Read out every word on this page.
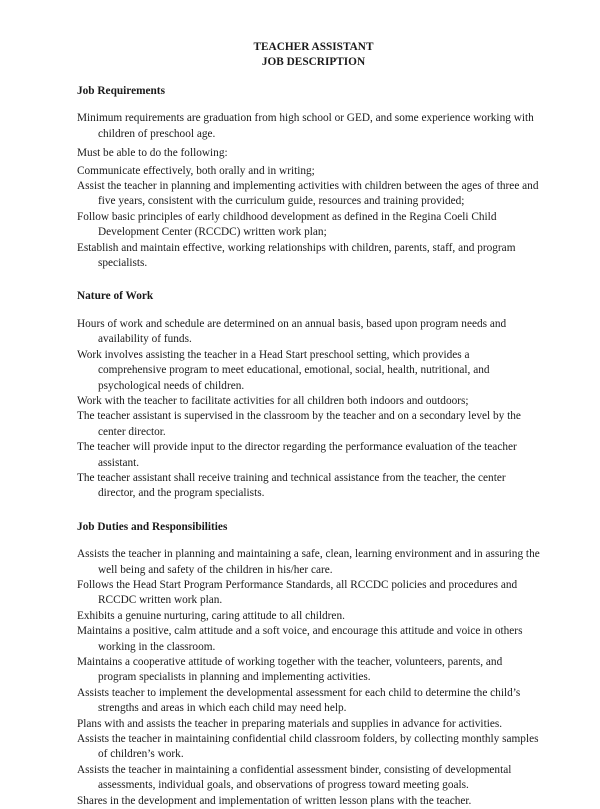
TEACHER ASSISTANT

JOB DESCRIPTION

Job Requirements

Minimum requirements are graduation from high school or GED, and some experience working with children of preschool age.

Must be able to do the following:

Communicate effectively, both orally and in writing;

Assist the teacher in planning and implementing activities with children between the ages of three and five years, consistent with the curriculum guide, resources and training provided;

Follow basic principles of early childhood development as defined in the Regina Coeli Child Development Center (RCCDC) written work plan;

Establish and maintain effective, working relationships with children, parents, staff, and program specialists.

Nature of Work

Hours of work and schedule are determined on an annual basis, based upon program needs and availability of funds.

Work involves assisting the teacher in a Head Start preschool setting, which provides a comprehensive program to meet educational, emotional, social, health, nutritional, and psychological needs of children.

Work with the teacher to facilitate activities for all children both indoors and outdoors;

The teacher assistant is supervised in the classroom by the teacher and on a secondary level by the center director.

The teacher will provide input to the director regarding the performance evaluation of the teacher assistant.

The teacher assistant shall receive training and technical assistance from the teacher, the center director, and the program specialists.

Job Duties and Responsibilities

Assists the teacher in planning and maintaining a safe, clean, learning environment and in assuring the well being and safety of the children in his/her care.

Follows the Head Start Program Performance Standards, all RCCDC policies and procedures and RCCDC written work plan.

Exhibits a genuine nurturing, caring attitude to all children.

Maintains a positive, calm attitude and a soft voice, and encourage this attitude and voice in others working in the classroom.

Maintains a cooperative attitude of working together with the teacher, volunteers, parents, and program specialists in planning and implementing activities.

Assists teacher to implement the developmental assessment for each child to determine the child’s strengths and areas in which each child may need help.

Plans with and assists the teacher in preparing materials and supplies in advance for activities.

Assists the teacher in maintaining confidential child classroom folders, by collecting monthly samples of children’s work.

Assists the teacher in maintaining a confidential assessment binder, consisting of developmental assessments, individual goals, and observations of progress toward meeting goals.

Shares in the development and implementation of written lesson plans with the teacher.
